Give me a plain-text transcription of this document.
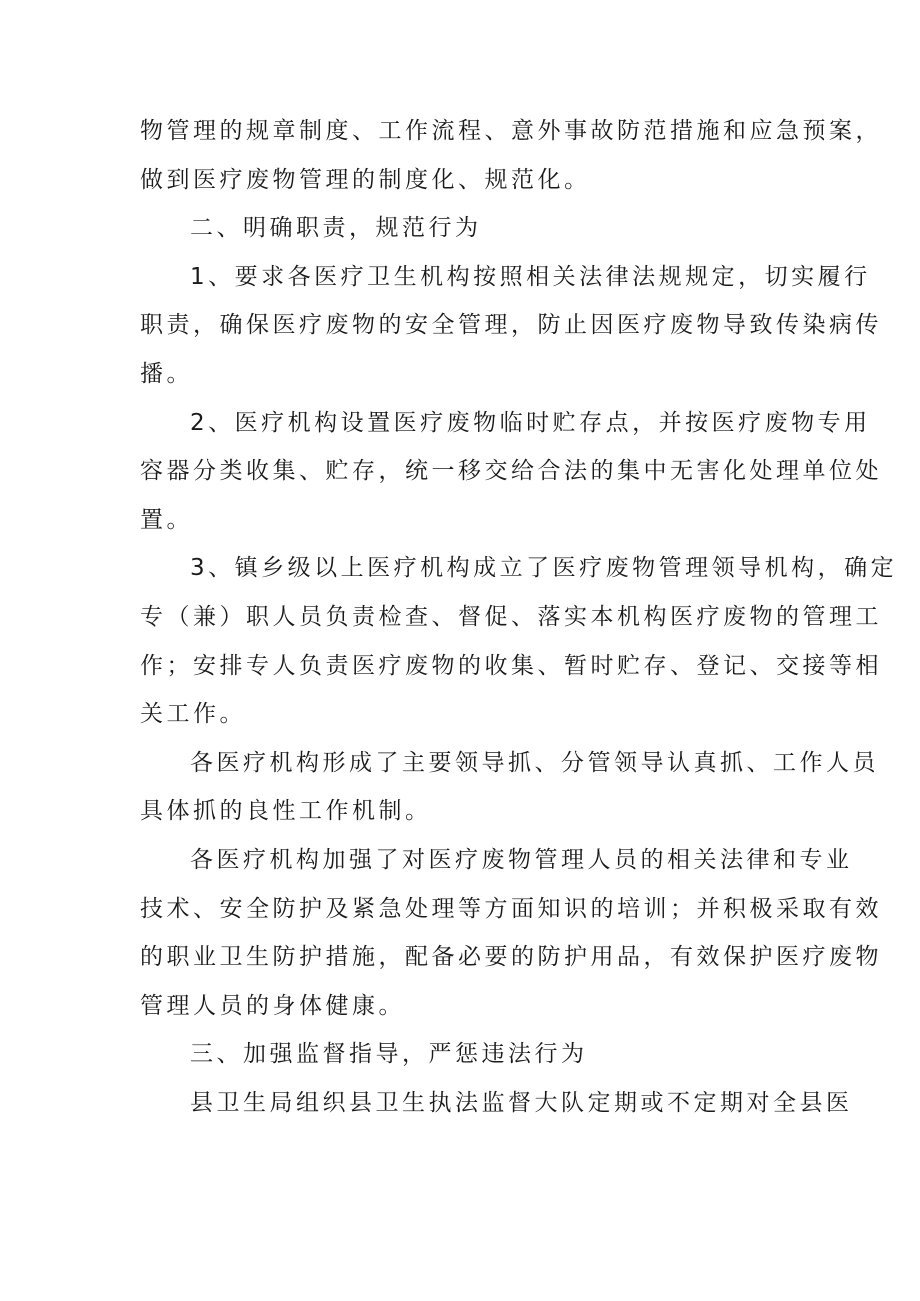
物管理的规章制度、工作流程、意外事故防范措施和应急预案，
做到医疗废物管理的制度化、规范化。
二、明确职责，规范行为
1、要求各医疗卫生机构按照相关法律法规规定，切实履行
职责，确保医疗废物的安全管理，防止因医疗废物导致传染病传
播。
2、医疗机构设置医疗废物临时贮存点，并按医疗废物专用
容器分类收集、贮存，统一移交给合法的集中无害化处理单位处
置。
3、镇乡级以上医疗机构成立了医疗废物管理领导机构，确定
专（兼）职人员负责检查、督促、落实本机构医疗废物的管理工
作；安排专人负责医疗废物的收集、暂时贮存、登记、交接等相
关工作。
各医疗机构形成了主要领导抓、分管领导认真抓、工作人员
具体抓的良性工作机制。
各医疗机构加强了对医疗废物管理人员的相关法律和专业
技术、安全防护及紧急处理等方面知识的培训；并积极采取有效
的职业卫生防护措施，配备必要的防护用品，有效保护医疗废物
管理人员的身体健康。
三、加强监督指导，严惩违法行为
县卫生局组织县卫生执法监督大队定期或不定期对全县医
